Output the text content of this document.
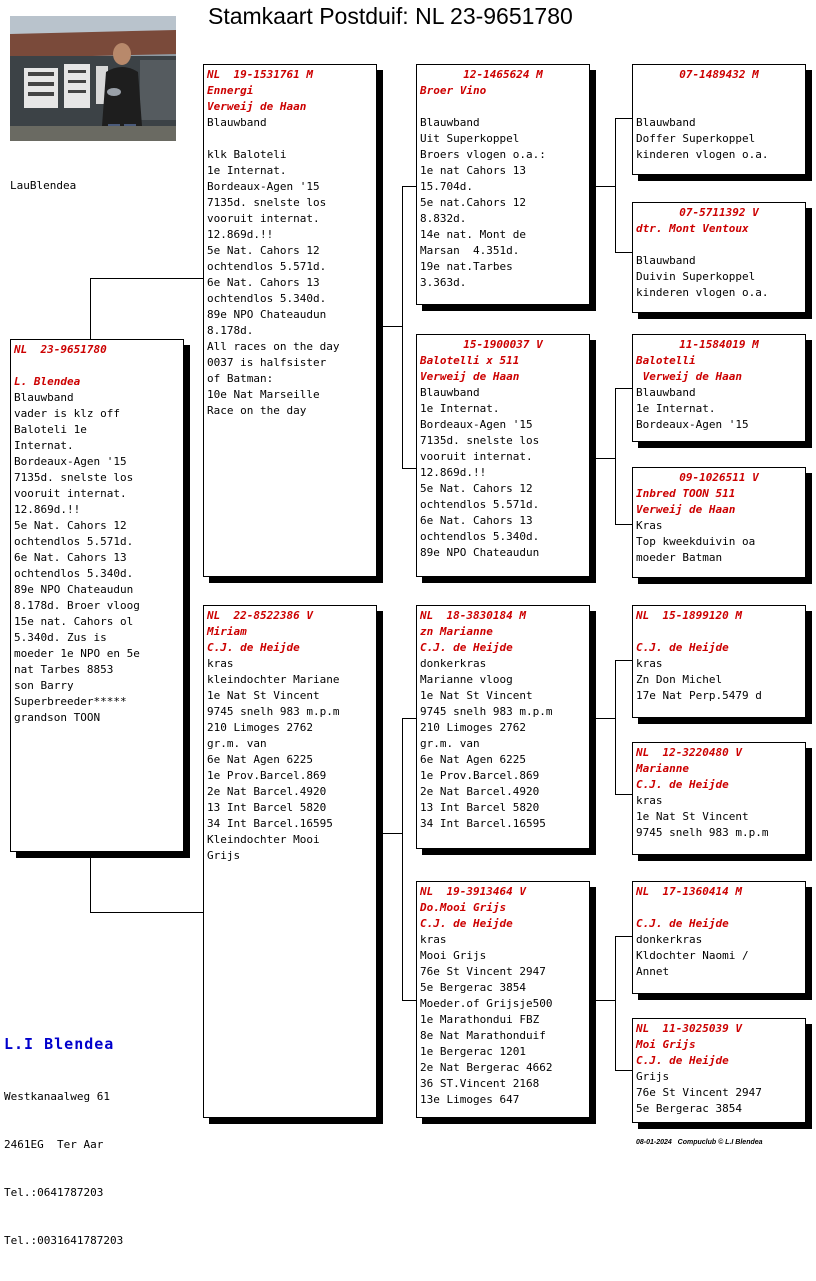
Stamkaart Postduif: NL 23-9651780
LauBlendea
NL  23-9651780
L. Blendea
Blauwband
vader is klz off
Baloteli 1e
Internat.
Bordeaux-Agen '15
7135d. snelste los
vooruit internat.
12.869d.!!
5e Nat. Cahors 12
ochtendlos 5.571d.
6e Nat. Cahors 13
ochtendlos 5.340d.
89e NPO Chateaudun
8.178d. Broer vloog
15e nat. Cahors ol
5.340d. Zus is
moeder 1e NPO en 5e
nat Tarbes 8853
son Barry
Superbreeder*****
grandson TOON
NL  19-1531761 M
Ennergi
Verweij de Haan
Blauwband
klk Baloteli
1e Internat.
Bordeaux-Agen '15
7135d. snelste los
vooruit internat.
12.869d.!!
5e Nat. Cahors 12
ochtendlos 5.571d.
6e Nat. Cahors 13
ochtendlos 5.340d.
89e NPO Chateaudun
8.178d.
All races on the day
0037 is halfsister
of Batman:
10e Nat Marseille
Race on the day
NL  22-8522386 V
Miriam
C.J. de Heijde
kras
kleindochter Mariane
1e Nat St Vincent
9745 snelh 983 m.p.m
210 Limoges 2762
gr.m. van
6e Nat Agen 6225
1e Prov.Barcel.869
2e Nat Barcel.4920
13 Int Barcel 5820
34 Int Barcel.16595
Kleindochter Mooi
Grijs
12-1465624 M
Broer Vino
Blauwband
Uit Superkoppel
Broers vlogen o.a.:
1e nat Cahors 13
15.704d.
5e nat.Cahors 12
8.832d.
14e nat. Mont de
Marsan  4.351d.
19e nat.Tarbes
3.363d.
15-1900037 V
Balotelli x 511
Verweij de Haan
Blauwband
1e Internat.
Bordeaux-Agen '15
7135d. snelste los
vooruit internat.
12.869d.!!
5e Nat. Cahors 12
ochtendlos 5.571d.
6e Nat. Cahors 13
ochtendlos 5.340d.
89e NPO Chateaudun
NL  18-3830184 M
zn Marianne
C.J. de Heijde
donkerkras
Marianne vloog
1e Nat St Vincent
9745 snelh 983 m.p.m
210 Limoges 2762
gr.m. van
6e Nat Agen 6225
1e Prov.Barcel.869
2e Nat Barcel.4920
13 Int Barcel 5820
34 Int Barcel.16595
NL  19-3913464 V
Do.Mooi Grijs
C.J. de Heijde
kras
Mooi Grijs
76e St Vincent 2947
5e Bergerac 3854
Moeder.of Grijsje500
1e Marathondui FBZ
8e Nat Marathonduif
1e Bergerac 1201
2e Nat Bergerac 4662
36 ST.Vincent 2168
13e Limoges 647
07-1489432 M
Blauwband
Doffer Superkoppel
kinderen vlogen o.a.
07-5711392 V
dtr. Mont Ventoux
Blauwband
Duivin Superkoppel
kinderen vlogen o.a.
11-1584019 M
Balotelli
Verweij de Haan
Blauwband
1e Internat.
Bordeaux-Agen '15
09-1026511 V
Inbred TOON 511
Verweij de Haan
Kras
Top kweekduivin oa
moeder Batman
NL  15-1899120 M
C.J. de Heijde
kras
Zn Don Michel
17e Nat Perp.5479 d
NL  12-3220480 V
Marianne
C.J. de Heijde
kras
1e Nat St Vincent
9745 snelh 983 m.p.m
NL  17-1360414 M
C.J. de Heijde
donkerkras
Kldochter Naomi /
Annet
NL  11-3025039 V
Moi Grijs
C.J. de Heijde
Grijs
76e St Vincent 2947
5e Bergerac 3854
L.I Blendea

Westkanaalweg 61

2461EG  Ter Aar

Tel.:0641787203

Tel.:0031641787203

08-01-2024   Compuclub © L.I Blendea
